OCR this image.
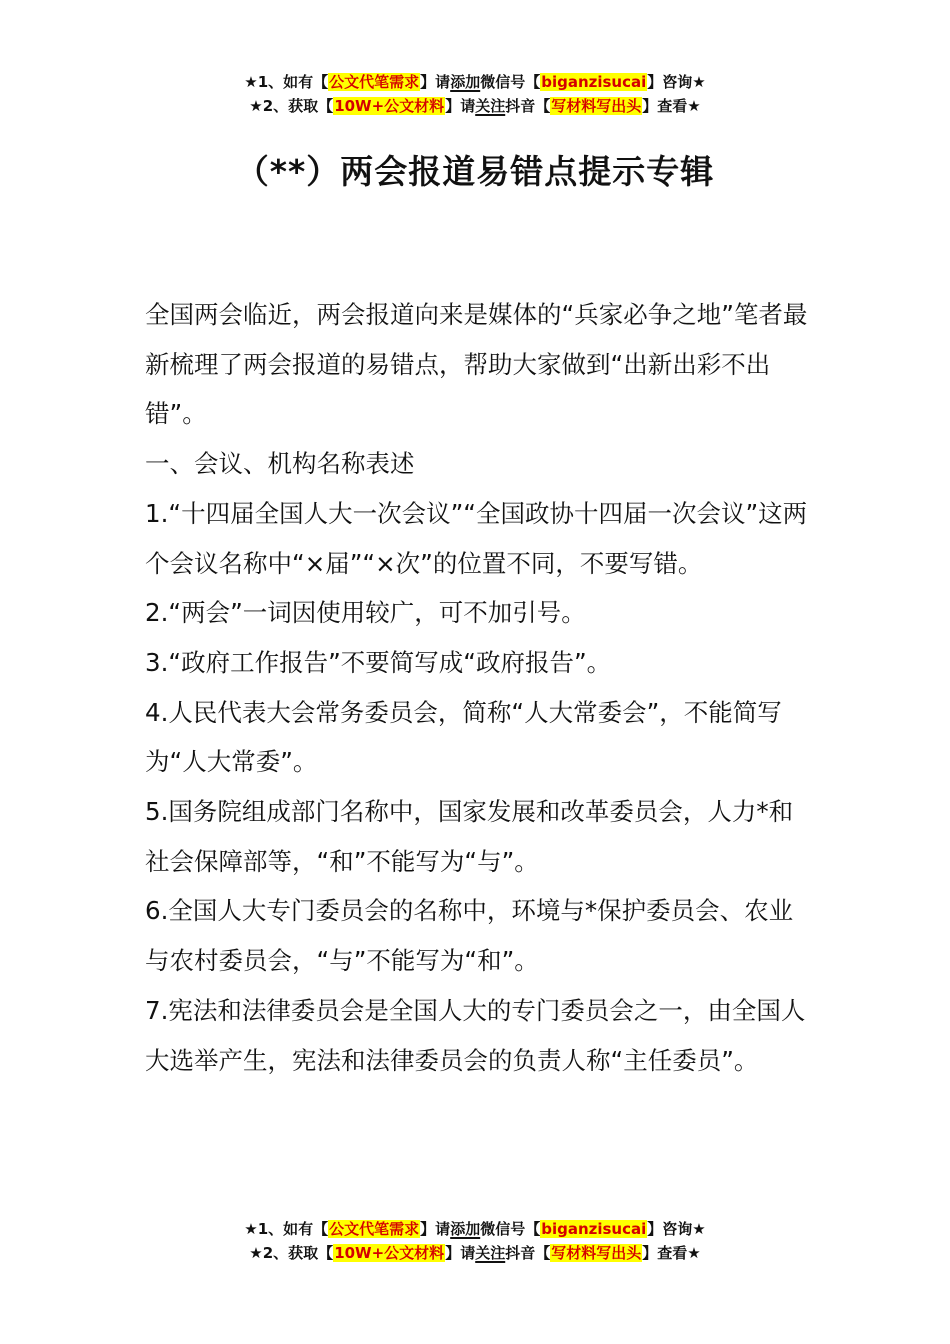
★1、如有【公文代笔需求】请添加微信号【biganzisucai】咨询★
★2、获取【10W+公文材料】请关注抖音【写材料写出头】查看★
（**）两会报道易错点提示专辑

全国两会临近，两会报道向来是媒体的“兵家必争之地”笔者最新梳理了两会报道的易错点，帮助大家做到“出新出彩不出错”。

一、会议、机构名称表述

1.“十四届全国人大一次会议”“全国政协十四届一次会议”这两个会议名称中“×届”“×次”的位置不同，不要写错。

2.“两会”一词因使用较广，可不加引号。

3.“政府工作报告”不要简写成“政府报告”。

4.人民代表大会常务委员会，简称“人大常委会”，不能简写为“人大常委”。

5.国务院组成部门名称中，国家发展和改革委员会，人力*和社会保障部等，“和”不能写为“与”。

6.全国人大专门委员会的名称中，环境与*保护委员会、农业与农村委员会，“与”不能写为“和”。

7.宪法和法律委员会是全国人大的专门委员会之一，由全国人大选举产生，宪法和法律委员会的负责人称“主任委员”。

★1、如有【公文代笔需求】请添加微信号【biganzisucai】咨询★
★2、获取【10W+公文材料】请关注抖音【写材料写出头】查看★
